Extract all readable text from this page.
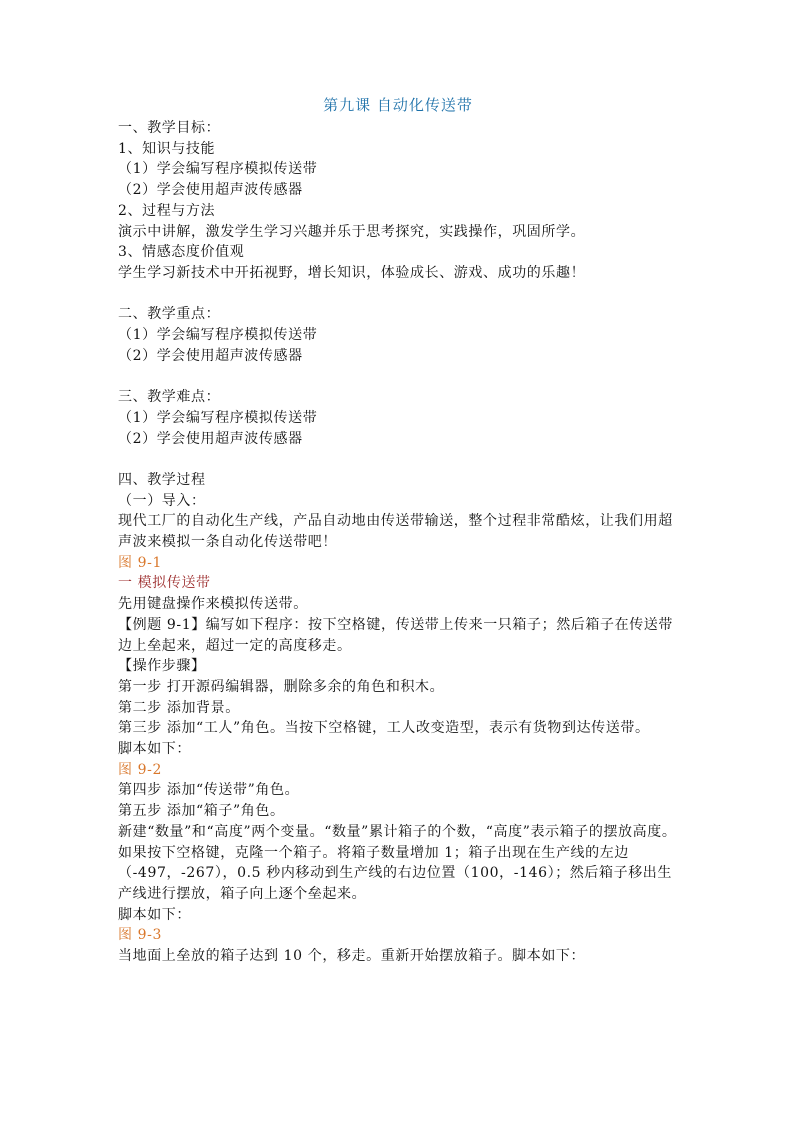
第九课 自动化传送带
一、教学目标：
1、知识与技能
（1）学会编写程序模拟传送带
（2）学会使用超声波传感器
2、过程与方法
演示中讲解，激发学生学习兴趣并乐于思考探究，实践操作，巩固所学。
3、情感态度价值观
学生学习新技术中开拓视野，增长知识，体验成长、游戏、成功的乐趣！
二、教学重点：
（1）学会编写程序模拟传送带
（2）学会使用超声波传感器
三、教学难点：
（1）学会编写程序模拟传送带
（2）学会使用超声波传感器
四、教学过程
（一）导入：
现代工厂的自动化生产线，产品自动地由传送带输送，整个过程非常酷炫，让我们用超声波来模拟一条自动化传送带吧！
图 9-1
一 模拟传送带
先用键盘操作来模拟传送带。
【例题 9-1】编写如下程序：按下空格键，传送带上传来一只箱子；然后箱子在传送带边上垒起来，超过一定的高度移走。
【操作步骤】
第一步 打开源码编辑器，删除多余的角色和积木。
第二步 添加背景。
第三步 添加“工人”角色。当按下空格键，工人改变造型，表示有货物到达传送带。
脚本如下：
图 9-2
第四步 添加“传送带”角色。
第五步 添加“箱子”角色。
新建“数量”和“高度”两个变量。“数量”累计箱子的个数，“高度”表示箱子的摆放高度。
如果按下空格键，克隆一个箱子。将箱子数量增加 1；箱子出现在生产线的左边（-497，-267），0.5 秒内移动到生产线的右边位置（100，-146）；然后箱子移出生产线进行摆放，箱子向上逐个垒起来。
脚本如下：
图 9-3
当地面上垒放的箱子达到 10 个，移走。重新开始摆放箱子。脚本如下：
